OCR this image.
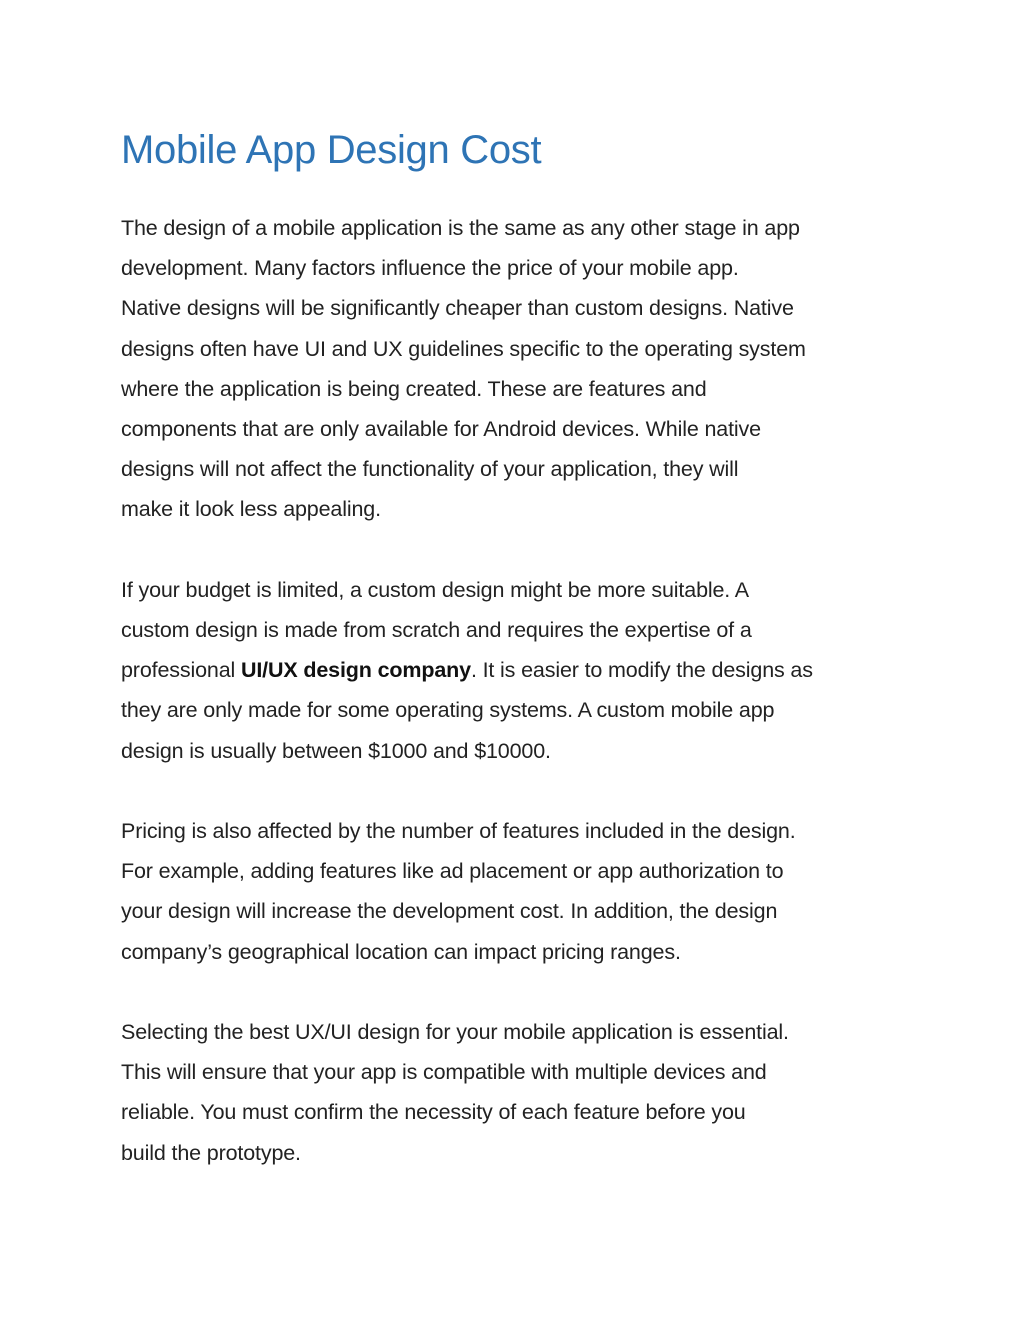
Mobile App Design Cost

The design of a mobile application is the same as any other stage in app
development. Many factors influence the price of your mobile app.
Native designs will be significantly cheaper than custom designs. Native
designs often have UI and UX guidelines specific to the operating system
where the application is being created. These are features and
components that are only available for Android devices. While native
designs will not affect the functionality of your application, they will
make it look less appealing.

If your budget is limited, a custom design might be more suitable. A
custom design is made from scratch and requires the expertise of a
professional UI/UX design company. It is easier to modify the designs as
they are only made for some operating systems. A custom mobile app
design is usually between $1000 and $10000.

Pricing is also affected by the number of features included in the design.
For example, adding features like ad placement or app authorization to
your design will increase the development cost. In addition, the design
company’s geographical location can impact pricing ranges.

Selecting the best UX/UI design for your mobile application is essential.
This will ensure that your app is compatible with multiple devices and
reliable. You must confirm the necessity of each feature before you
build the prototype.
